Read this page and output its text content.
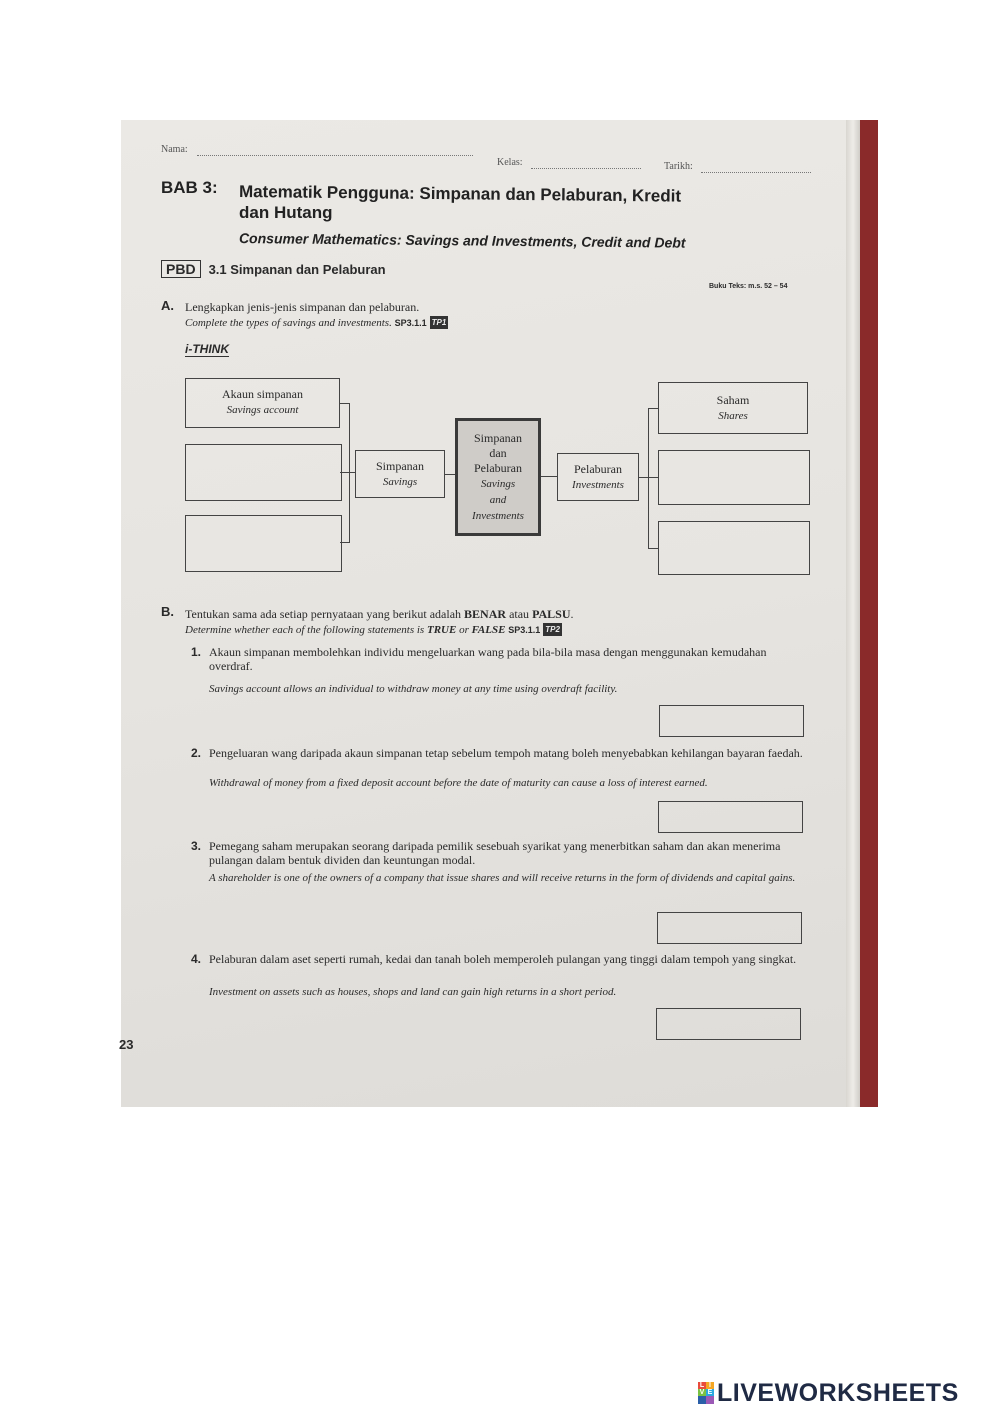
Nama:
Kelas:	Tarikh:
BAB 3: Matematik Pengguna: Simpanan dan Pelaburan, Kredit
dan Hutang
Consumer Mathematics: Savings and Investments, Credit and Debt
PBD	3.1 Simpanan dan Pelaburan
Buku Teks: m.s. 52 – 54
A. Lengkapkan jenis-jenis simpanan dan pelaburan.
Complete the types of savings and investments. SP3.1.1 TP1
i-THINK
Akaun simpanan
Savings account
Simpanan
Savings
Simpanan
dan
Pelaburan
Savings
and
Investments
Pelaburan
Investments
Saham
Shares
B. Tentukan sama ada setiap pernyataan yang berikut adalah BENAR atau PALSU.
Determine whether each of the following statements is TRUE or FALSE SP3.1.1 TP2
1. Akaun simpanan membolehkan individu mengeluarkan wang pada bila-bila masa dengan menggunakan kemudahan overdraf.
Savings account allows an individual to withdraw money at any time using overdraft facility.
2. Pengeluaran wang daripada akaun simpanan tetap sebelum tempoh matang boleh menyebabkan kehilangan bayaran faedah.
Withdrawal of money from a fixed deposit account before the date of maturity can cause a loss of interest earned.
3. Pemegang saham merupakan seorang daripada pemilik sesebuah syarikat yang menerbitkan saham dan akan menerima pulangan dalam bentuk dividen dan keuntungan modal.
A shareholder is one of the owners of a company that issue shares and will receive returns in the form of dividends and capital gains.
4. Pelaburan dalam aset seperti rumah, kedai dan tanah boleh memperoleh pulangan yang tinggi dalam tempoh yang singkat.
Investment on assets such as houses, shops and land can gain high returns in a short period.
23
L I
V E LIVEWORKSHEETS
